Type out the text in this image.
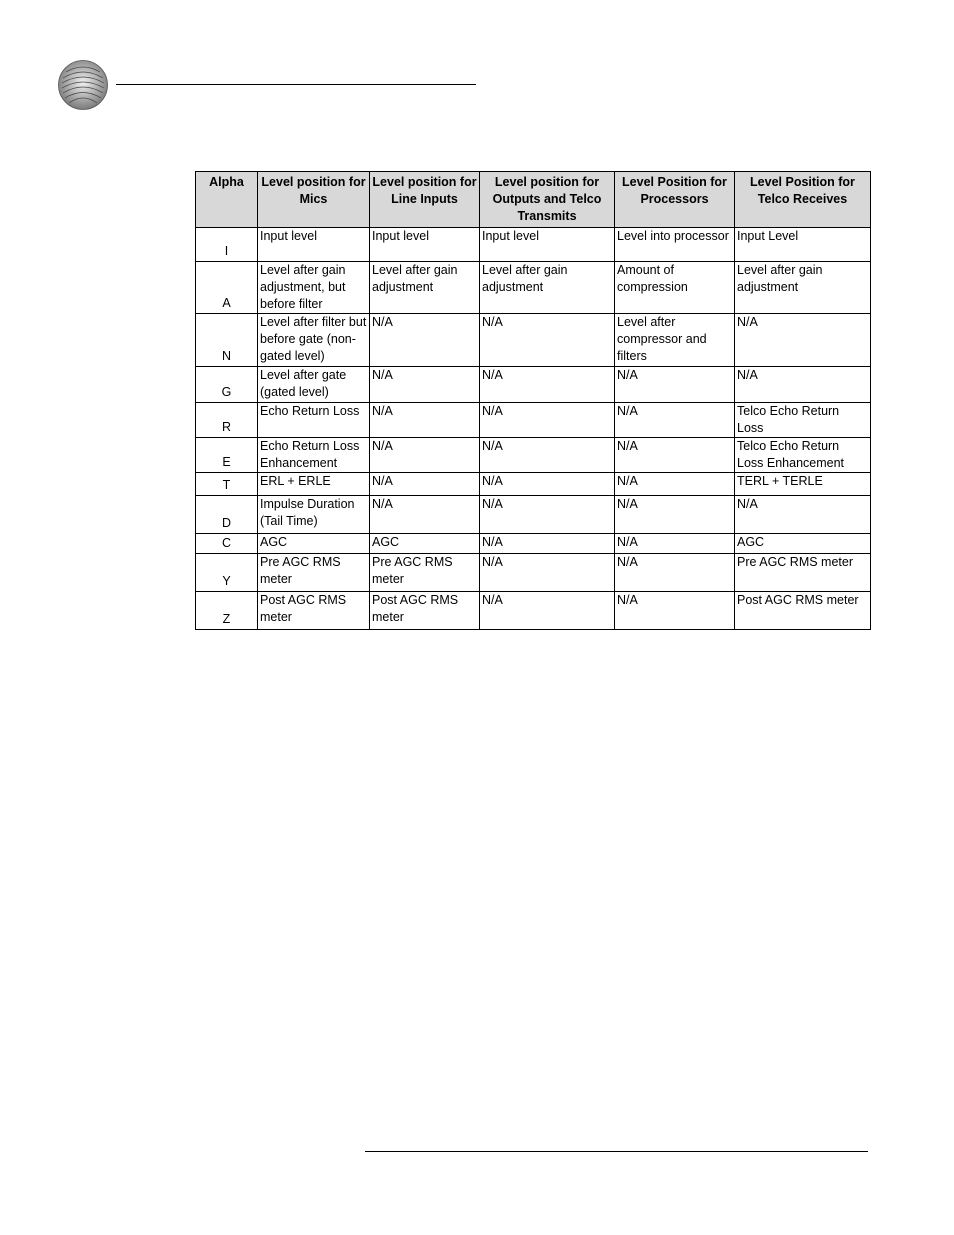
Alpha	Level position for Mics	Level position for Line Inputs	Level position for Outputs and Telco Transmits	Level Position for Processors	Level Position for Telco Receives
I	Input level	Input level	Input level	Level into processor	Input Level
A	Level after gain adjustment, but before filter	Level after gain adjustment	Level after gain adjustment	Amount of compression	Level after gain adjustment
N	Level after filter but before gate (non-gated level)	N/A	N/A	Level after compressor and filters	N/A
G	Level after gate (gated level)	N/A	N/A	N/A	N/A
R	Echo Return Loss	N/A	N/A	N/A	Telco Echo Return Loss
E	Echo Return Loss Enhancement	N/A	N/A	N/A	Telco Echo Return Loss Enhancement
T	ERL + ERLE	N/A	N/A	N/A	TERL + TERLE
D	Impulse Duration (Tail Time)	N/A	N/A	N/A	N/A
C	AGC	AGC	N/A	N/A	AGC
Y	Pre AGC RMS meter	Pre AGC RMS meter	N/A	N/A	Pre AGC RMS meter
Z	Post AGC RMS meter	Post AGC RMS meter	N/A	N/A	Post AGC RMS meter
